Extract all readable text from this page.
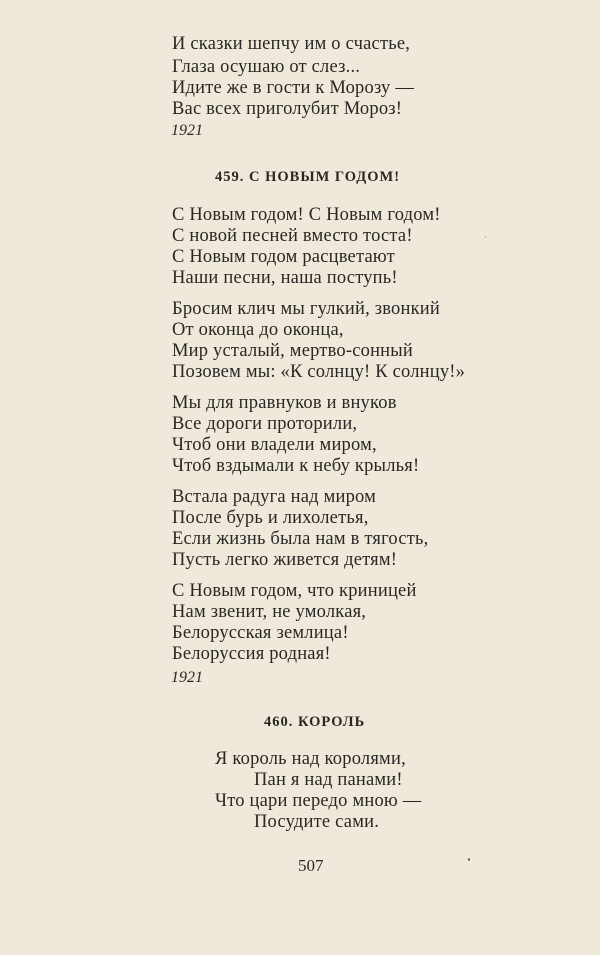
И сказки шепчу им о счастье,
Глаза осушаю от слез...
Идите же в гости к Морозу —
Вас всех приголубит Мороз!
1921
459. С НОВЫМ ГОДОМ!
С Новым годом! С Новым годом!
С новой песней вместо тоста!
С Новым годом расцветают
Наши песни, наша поступь!
Бросим клич мы гулкий, звонкий
От оконца до оконца,
Мир усталый, мертво-сонный
Позовем мы: «К солнцу! К солнцу!»
Мы для правнуков и внуков
Все дороги проторили,
Чтоб они владели миром,
Чтоб вздымали к небу крылья!
Встала радуга над миром
После бурь и лихолетья,
Если жизнь была нам в тягость,
Пусть легко живется детям!
С Новым годом, что криницей
Нам звенит, не умолкая,
Белорусская землица!
Белоруссия родная!
1921
460. КОРОЛЬ
Я король над королями,
Пан я над панами!
Что цари передо мною —
Посудите сами.
507
